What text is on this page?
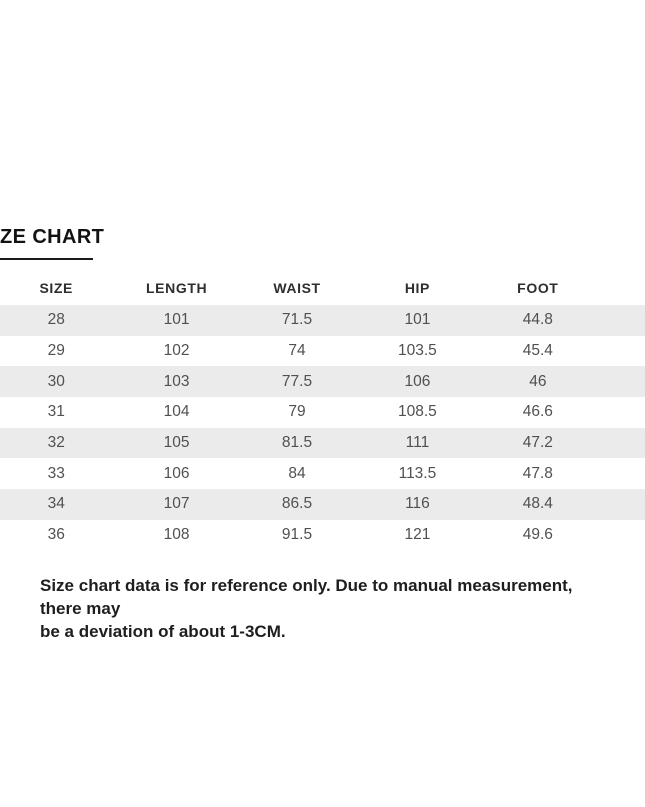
ZE CHART
SIZE	LENGTH	WAIST	HIP	FOOT
28	101	71.5	101	44.8
29	102	74	103.5	45.4
30	103	77.5	106	46
31	104	79	108.5	46.6
32	105	81.5	111	47.2
33	106	84	113.5	47.8
34	107	86.5	116	48.4
36	108	91.5	121	49.6
Size chart data is for reference only. Due to manual measurement, there may
be a deviation of about 1-3CM.
